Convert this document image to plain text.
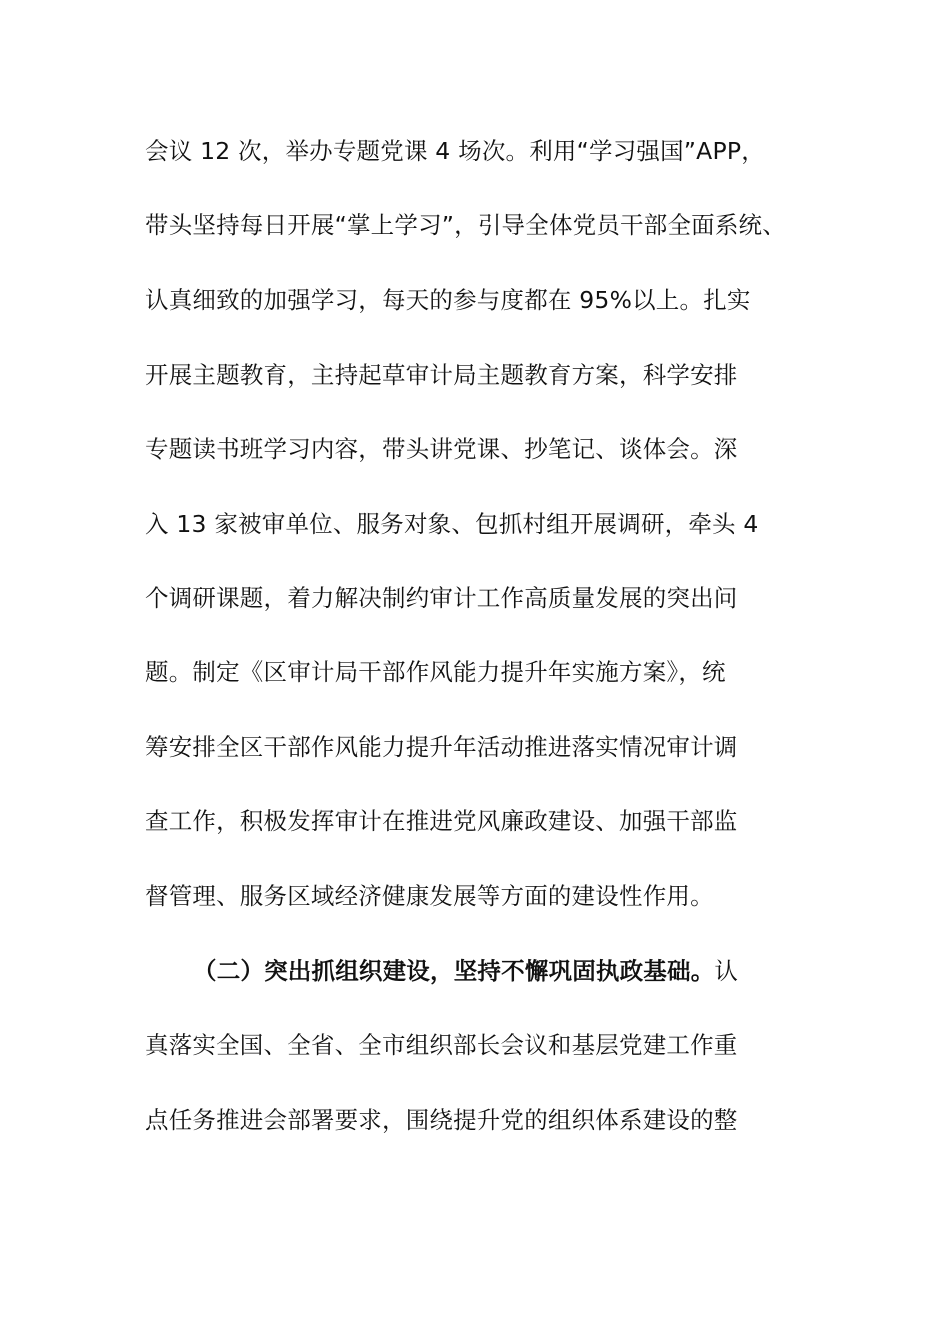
会议 12 次，举办专题党课 4 场次。利用“学习强国”APP，
带头坚持每日开展“掌上学习”，引导全体党员干部全面系统、
认真细致的加强学习，每天的参与度都在 95%以上。扎实
开展主题教育，主持起草审计局主题教育方案，科学安排
专题读书班学习内容，带头讲党课、抄笔记、谈体会。深
入 13 家被审单位、服务对象、包抓村组开展调研，牵头 4
个调研课题，着力解决制约审计工作高质量发展的突出问
题。制定《区审计局干部作风能力提升年实施方案》，统
筹安排全区干部作风能力提升年活动推进落实情况审计调
查工作，积极发挥审计在推进党风廉政建设、加强干部监
督管理、服务区域经济健康发展等方面的建设性作用。
（二）突出抓组织建设，坚持不懈巩固执政基础。认
真落实全国、全省、全市组织部长会议和基层党建工作重
点任务推进会部署要求，围绕提升党的组织体系建设的整
